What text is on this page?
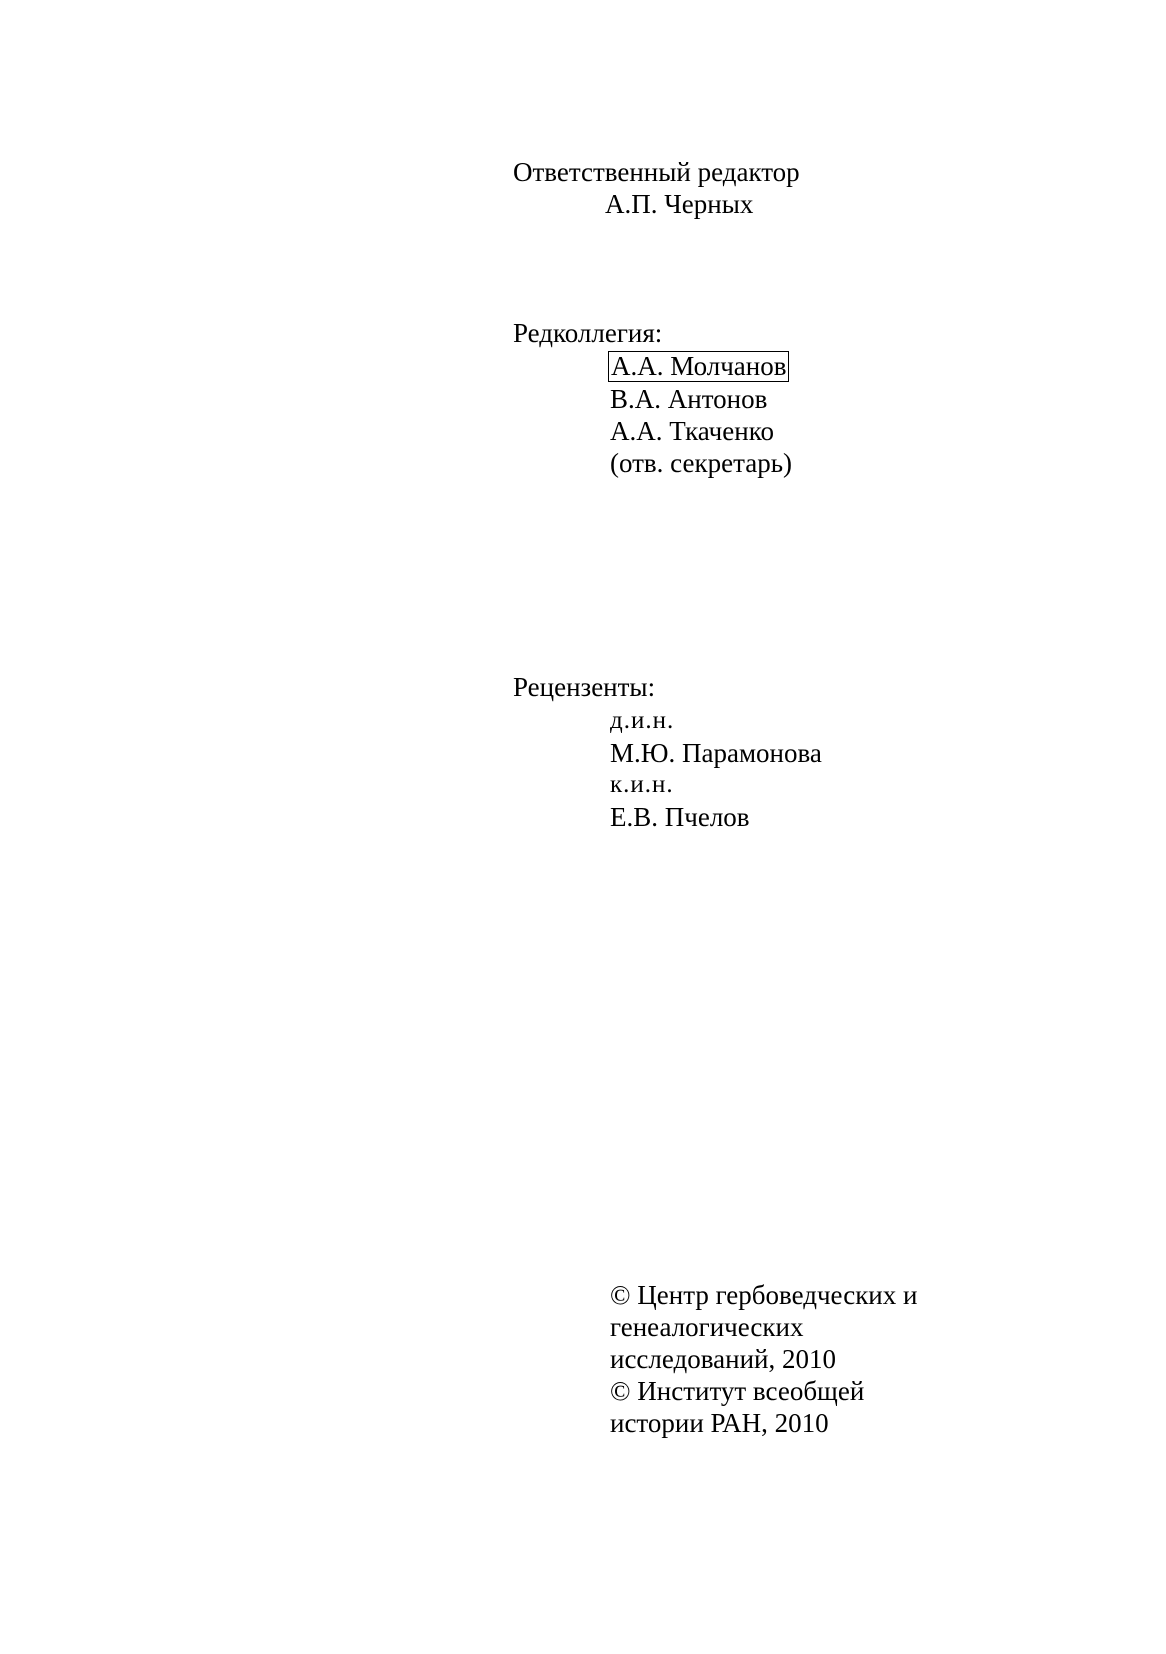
Ответственный редактор
А.П. Черных
Редколлегия:
А.А. Молчанов
В.А. Антонов
А.А. Ткаченко
(отв. секретарь)
Рецензенты:
д.и.н.
М.Ю. Парамонова
к.и.н.
Е.В. Пчелов
© Центр гербоведческих и
генеалогических
исследований, 2010
© Институт всеобщей
истории РАН, 2010
